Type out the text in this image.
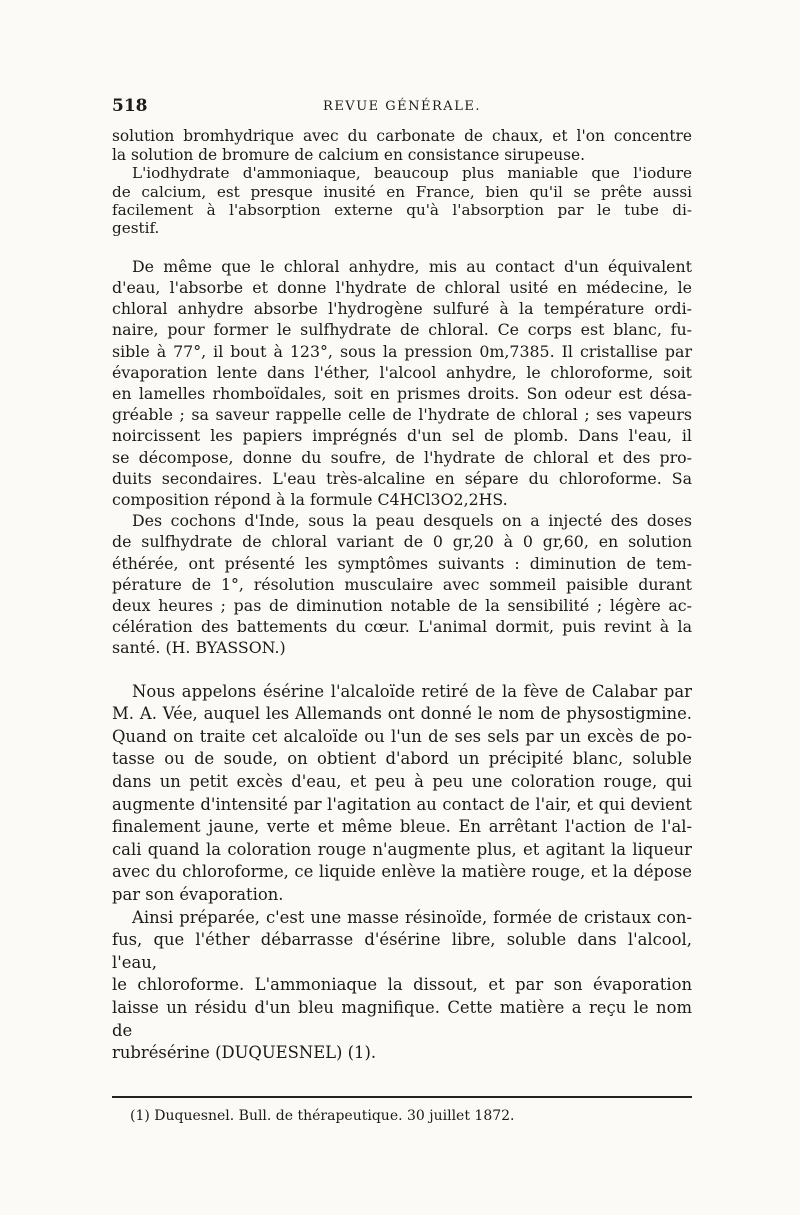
518	REVUE GÉNÉRALE.

solution bromhydrique avec du carbonate de chaux, et l'on concentre
la solution de bromure de calcium en consistance sirupeuse.

L'iodhydrate d'ammoniaque, beaucoup plus maniable que l'iodure
de calcium, est presque inusité en France, bien qu'il se prête aussi
facilement à l'absorption externe qu'à l'absorption par le tube di-
gestif.

De même que le chloral anhydre, mis au contact d'un équivalent
d'eau, l'absorbe et donne l'hydrate de chloral usité en médecine, le
chloral anhydre absorbe l'hydrogène sulfuré à la température ordi-
naire, pour former le sulfhydrate de chloral. Ce corps est blanc, fu-
sible à 77°, il bout à 123°, sous la pression 0m,7385. Il cristallise par
évaporation lente dans l'éther, l'alcool anhydre, le chloroforme, soit
en lamelles rhomboïdales, soit en prismes droits. Son odeur est désa-
gréable ; sa saveur rappelle celle de l'hydrate de chloral ; ses vapeurs
noircissent les papiers imprégnés d'un sel de plomb. Dans l'eau, il
se décompose, donne du soufre, de l'hydrate de chloral et des pro-
duits secondaires. L'eau très-alcaline en sépare du chloroforme. Sa
composition répond à la formule C4HCl3O2,2HS.

Des cochons d'Inde, sous la peau desquels on a injecté des doses
de sulfhydrate de chloral variant de 0 gr,20 à 0 gr,60, en solution
éthérée, ont présenté les symptômes suivants : diminution de tem-
pérature de 1°, résolution musculaire avec sommeil paisible durant
deux heures ; pas de diminution notable de la sensibilité ; légère ac-
célération des battements du cœur. L'animal dormit, puis revint à la
santé. (H. BYASSON.)

Nous appelons ésérine l'alcaloïde retiré de la fève de Calabar par
M. A. Vée, auquel les Allemands ont donné le nom de physostigmine.
Quand on traite cet alcaloïde ou l'un de ses sels par un excès de po-
tasse ou de soude, on obtient d'abord un précipité blanc, soluble
dans un petit excès d'eau, et peu à peu une coloration rouge, qui
augmente d'intensité par l'agitation au contact de l'air, et qui devient
finalement jaune, verte et même bleue. En arrêtant l'action de l'al-
cali quand la coloration rouge n'augmente plus, et agitant la liqueur
avec du chloroforme, ce liquide enlève la matière rouge, et la dépose
par son évaporation.

Ainsi préparée, c'est une masse résinoïde, formée de cristaux con-
fus, que l'éther débarrasse d'ésérine libre, soluble dans l'alcool, l'eau,
le chloroforme. L'ammoniaque la dissout, et par son évaporation
laisse un résidu d'un bleu magnifique. Cette matière a reçu le nom de
rubrésérine (DUQUESNEL) (1).

(1) Duquesnel. Bull. de thérapeutique. 30 juillet 1872.
